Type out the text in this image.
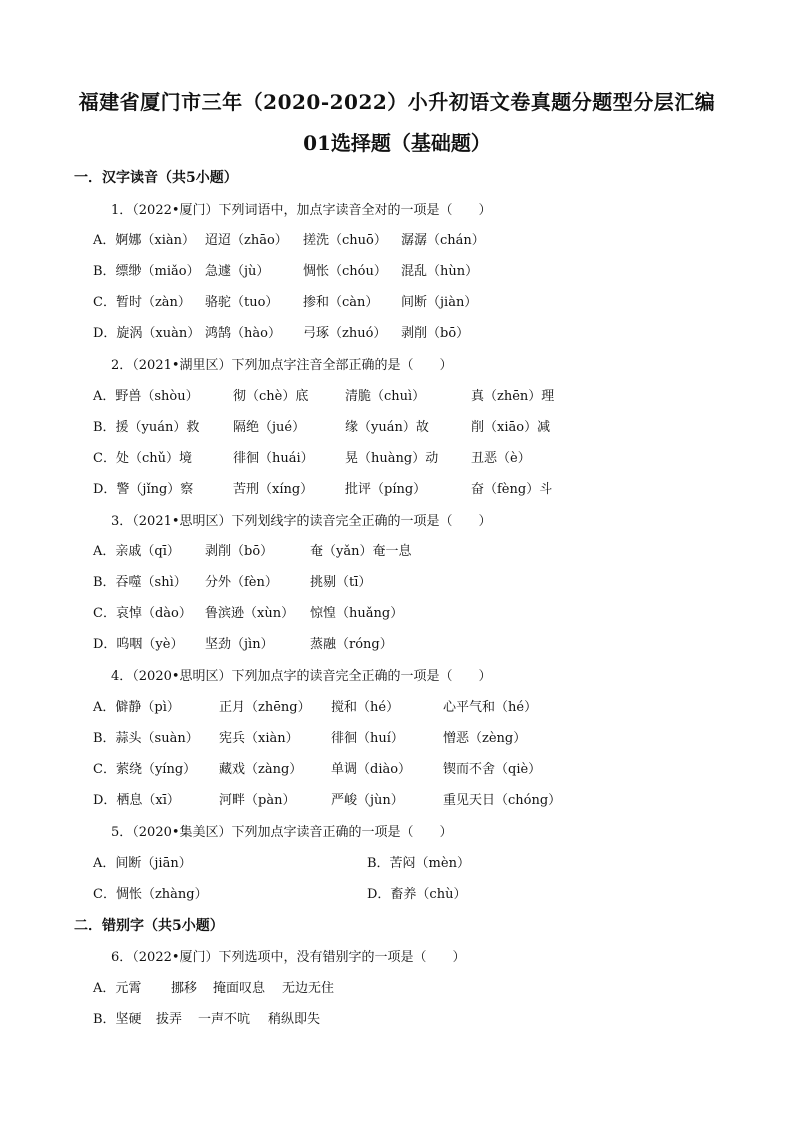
福建省厦门市三年（2020-2022）小升初语文卷真题分题型分层汇编
01选择题（基础题）
一．汉字读音（共5小题）
1．（2022•厦门）下列词语中，加点字读音全对的一项是（　　）
A．婀娜（xiàn） 迢迢（zhāo） 搓洗（chuō） 潺潺（chán）
B．缥缈（miǎo） 急遽（jù）	惆怅（chóu） 混乱（hùn）
C．暂时（zàn） 骆驼（tuo） 掺和（càn） 间断（jiàn）
D．旋涡（xuàn） 鸿鹄（hào） 弓琢（zhuó） 剥削（bō）
2．（2021•湖里区）下列加点字注音全部正确的是（　　）
A．野兽（shòu）	彻（chè）底	清脆（chuì）	真（zhēn）理
B．援（yuán）救	隔绝（jué）	缘（yuán）故	削（xiāo）减
C．处（chǔ）境	徘徊（huái） 晃（huàng）动	丑恶（è）
D．警（jǐng）察	苦刑（xíng） 批评（píng）	奋（fèng）斗
3．（2021•思明区）下列划线字的读音完全正确的一项是（　　）
A．亲戚（qī） 剥削（bō）	奄（yǎn）奄一息
B．吞噬（shì） 分外（fèn） 挑剔（tī）
C．哀悼（dào） 鲁滨逊（xùn） 惊惶（huǎng）
D．呜咽（yè） 坚劲（jìn）	蒸融（róng）
4．（2020•思明区）下列加点字的读音完全正确的一项是（　　）
A．僻静（pì）	正月（zhēng） 搅和（hé）	心平气和（hé）
B．蒜头（suàn） 宪兵（xiàn） 徘徊（huí）	憎恶（zèng）
C．萦绕（yíng） 藏戏（zàng） 单调（diào） 锲而不舍（qiè）
D．栖息（xī）	河畔（pàn）	严峻（jùn）	重见天日（chóng）
5．（2020•集美区）下列加点字读音正确的一项是（　　）
A．间断（jiān）	B．苦闷（mèn）
C．惆怅（zhàng）	D．畜养（chù）
二．错别字（共5小题）
6．（2022•厦门）下列选项中，没有错别字的一项是（　　）
A．元霄 挪移 掩面叹息 无边无住
B．坚硬 拔弄 一声不吭 稍纵即失
